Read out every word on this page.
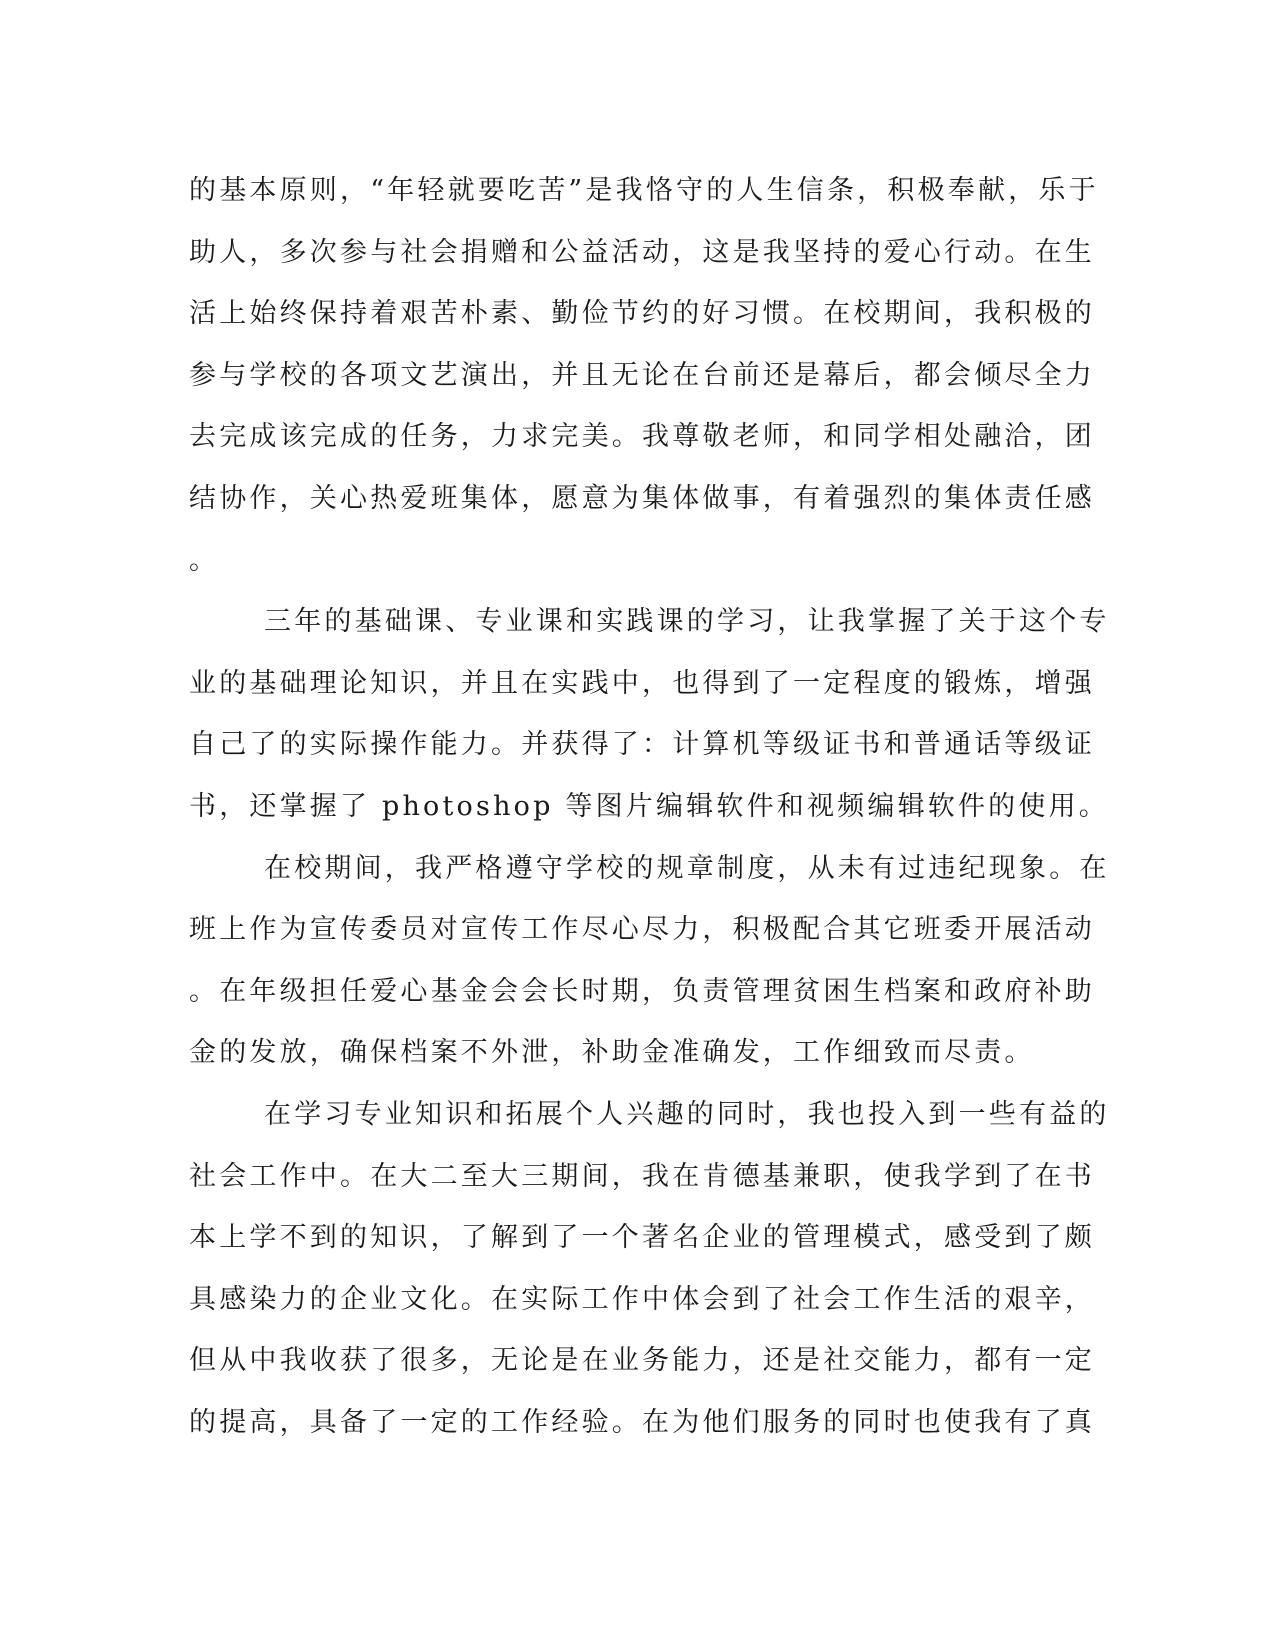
的基本原则，“年轻就要吃苦”是我恪守的人生信条，积极奉献，乐于
助人，多次参与社会捐赠和公益活动，这是我坚持的爱心行动。在生
活上始终保持着艰苦朴素、勤俭节约的好习惯。在校期间，我积极的
参与学校的各项文艺演出，并且无论在台前还是幕后，都会倾尽全力
去完成该完成的任务，力求完美。我尊敬老师，和同学相处融洽，团
结协作，关心热爱班集体，愿意为集体做事，有着强烈的集体责任感
。
三年的基础课、专业课和实践课的学习，让我掌握了关于这个专
业的基础理论知识，并且在实践中，也得到了一定程度的锻炼，增强
自己了的实际操作能力。并获得了：计算机等级证书和普通话等级证
书，还掌握了 photoshop 等图片编辑软件和视频编辑软件的使用。
在校期间，我严格遵守学校的规章制度，从未有过违纪现象。在
班上作为宣传委员对宣传工作尽心尽力，积极配合其它班委开展活动
。在年级担任爱心基金会会长时期，负责管理贫困生档案和政府补助
金的发放，确保档案不外泄，补助金准确发，工作细致而尽责。
在学习专业知识和拓展个人兴趣的同时，我也投入到一些有益的
社会工作中。在大二至大三期间，我在肯德基兼职，使我学到了在书
本上学不到的知识，了解到了一个著名企业的管理模式，感受到了颇
具感染力的企业文化。在实际工作中体会到了社会工作生活的艰辛，
但从中我收获了很多，无论是在业务能力，还是社交能力，都有一定
的提高，具备了一定的工作经验。在为他们服务的同时也使我有了真
